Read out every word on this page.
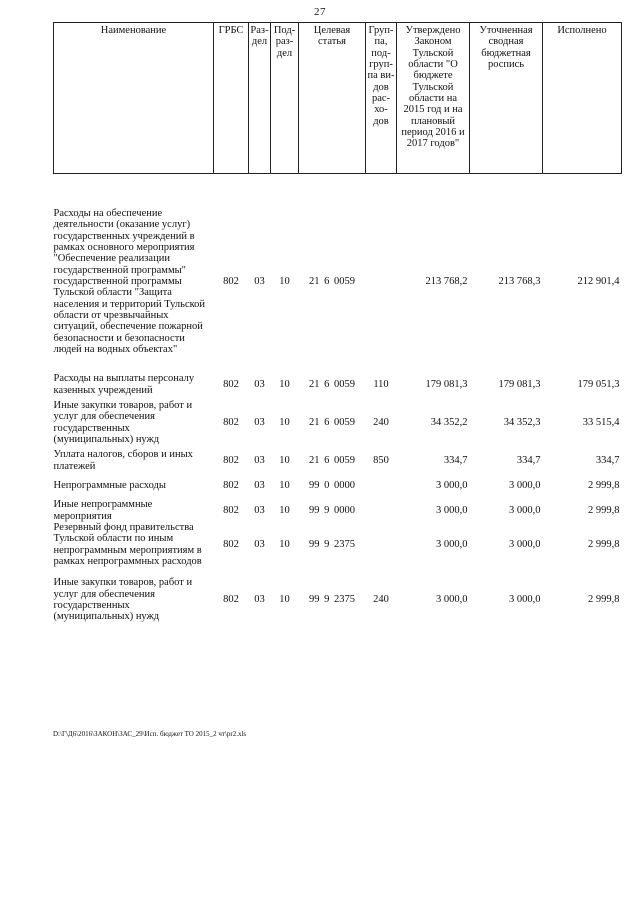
27
Наименование	ГРБС	Раз-дел	Под-раз-дел	Целевая статья	Груп-па, под-груп-па ви-дов рас-хо-дов	Утверждено Законом Тульской области "О бюджете Тульской области на 2015 год и на плановый период 2016 и 2017 годов"	Уточненная сводная бюджетная роспись	Исполнено

Расходы на обеспечение деятельности (оказание услуг) государственных учреждений в рамках основного мероприятия "Обеспечение реализации государственной программы" государственной программы Тульской области "Защита населения и территорий Тульской области от чрезвычайных ситуаций, обеспечение пожарной безопасности и безопасности людей на водных объектах"	802	03	10	21 6 0059		213 768,2	213 768,3	212 901,4

Расходы на выплаты персоналу казенных учреждений	802	03	10	21 6 0059	110	179 081,3	179 081,3	179 051,3

Иные закупки товаров, работ и услуг для обеспечения государственных (муниципальных) нужд	802	03	10	21 6 0059	240	34 352,2	34 352,3	33 515,4

Уплата налогов, сборов и иных платежей	802	03	10	21 6 0059	850	334,7	334,7	334,7

Непрограммные расходы	802	03	10	99 0 0000		3 000,0	3 000,0	2 999,8

Иные непрограммные мероприятия	802	03	10	99 9 0000		3 000,0	3 000,0	2 999,8
Резервный фонд правительства Тульской области по иным непрограммным мероприятиям в рамках непрограммных расходов	802	03	10	99 9 2375		3 000,0	3 000,0	2 999,8

Иные закупки товаров, работ и услуг для обеспечения государственных (муниципальных) нужд	802	03	10	99 9 2375	240	3 000,0	3 000,0	2 999,8
D:\Г\Д6\2016\ЗАКОН\ЗАС_29\Исп. бюджет ТО 2015_2 чт\pr2.xls
